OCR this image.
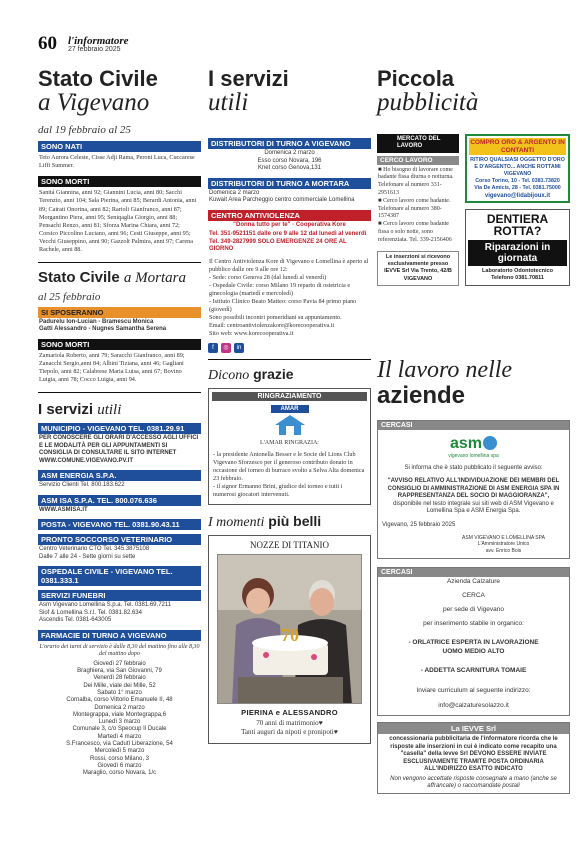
60 l'informatore
27 febbraio 2025
Stato Civile
a Vigevano
dal 19 febbraio al 25
SONO NATI
Teto Aurora Celeste, Cisse Adji Rama, Peroni Luca, Cuccarese Liffi Summer.
SONO MORTI
Sanitá Giannina, anni 92; Giannini Lucia, anni 80; Sacchi Terenzio, anni 104; Sala Pierina, anni 85; Berardi Antonia, anni 89; Cairati Onorina, anni 82; Rarioli Gianfranco, anni 87; Morgantino Piera, anni 95; Seniqaglia Giorgio, anni 88; Pensachi Renzo, anni 81; Sforza Marina Chiara, anni 72; Corsico Piccolino Luciano, anni 96; Cesti Giuseppe, anni 95; Vecchi Giuseppino, anni 90; Gazzolt Palmira, anni 97; Carena Rachele, anni 88.
Stato Civile a Mortara
al 25 febbraio
SI SPOSERANNO
Padurelu Ion-Lucian - Bramescu Monica
Gatti Alessandro - Nugnes Samantha Serena
SONO MORTI
Zamariola Roberto, anni 79; Saracchi Gianfranco, anni 89; Zanacchi Sergio,anni 84; Albini Tiziana, anni 46; Gagliani Tiepolo, anni 82; Calabrese Maria Luisa, anni 67; Bovino Luigia, anni 78; Cocco Luigia, anni 94.
I servizi utili
MUNICIPIO - VIGEVANO TEL. 0381.29.91
PER CONOSCERE GLI ORARI D'ACCESSO AGLI UFFICI E LE MODALITÀ PER GLI APPUNTAMENTI SI CONSIGLIA DI CONSULTARE IL SITO INTERNET WWW.COMUNE.VIGEVANO.PV.IT
ASM ENERGIA S.P.A.
Servizio Clienti Tel. 800.183.622
ASM ISA S.P.A. TEL. 800.076.636
WWW.ASMISA.IT
POSTA - VIGEVANO TEL. 0381.90.43.11
PRONTO SOCCORSO VETERINARIO
Centro Veterinario CTO Tel. 345.3875108
Dalle 7 alle 24 - Sette giorni su sette
OSPEDALE CIVILE - VIGEVANO TEL. 0381.333.1
SERVIZI FUNEBRI
Asm Vigevano Lomellina S.p.a. Tel. 0381.69.7211
Siof & Lomellina S.r.l. Tel. 0381.82.634
Ascendis Tel. 0381-643005
FARMACIE DI TURNO A VIGEVANO
L'orario dei turni di servizio è dalle 8,30 del mattino fino alle 8,30 del mattino dopo
Giovedì 27 febbraio
Braghiera, via San Giovanni, 79
Venerdì 28 febbraio
Dei Mille, viale dei Mille, 52
Sabato 1° marzo
Cornalba, corso Vittorio Emanuele II, 48
Domenica 2 marzo
Montegrappa, viale Montegrappa,6
Lunedì 3 marzo
Comunale 3, c/o Speocup Il Ducale
Martedì 4 marzo
S.Francesco, via Cadutì Liberazione, 54
Mercoledì 5 marzo
Rossi, corso Milano, 3
Giovedì 6 marzo
Maraglio, corso Novara, 1/c
I servizi
utili
DISTRIBUTORI DI TURNO A VIGEVANO
Domenica 2 marzo
Esso corso Novara, 196
Knet corso Genova,131
DISTRIBUTORI DI TURNO A MORTARA
Domenica 2 marzo
Kuwait Area Parcheggio centro commerciale Lomellina
CENTRO ANTIVIOLENZA
"Donna tutto per te" · Cooperativa Kore
Tel. 351-9521151 dalle ore 9 alle 12 dal lunedì al venerdì
Tel. 349-2827999 SOLO EMERGENZE 24 ORE AL GIORNO
Il Centro Antiviolenza Kore di Vigevano e Lomellina è aperto al pubblico dalle ore 9 alle ore 12:
- Sede: corso Genova 28 (dal lunedì al venerdì)
- Ospedale Civile: corso Milano 19 reparto di ostetricia e ginecologia (martedì e mercoledì)
- Istituto Clinico Beato Matteo: corso Pavia 84 primo piano (giovedì)
Sono possibili incontri pomeridiani su appuntamento.
Email: centroantiviolenzakore@korecooperativa.it
Sito web: www.korecooperativa.it
f	◎	in
Dicono grazie
RINGRAZIAMENTO
AMAR
L'AMAR RINGRAZIA:
- la presidente Antonella Besser e le Socie del Lions Club Vigevano Sforzesco per il generoso contributo donato in occasione del torneo di burraco svolto a Selva Alta domenica 23 febbraio.
- il signor Ermanno Brini, giudice del torneo e tutti i numerosi giocatori intervenuti.
I momenti più belli
NOZZE DI TITANIO
70
PIERINA e ALESSANDRO
70 anni di matrimonio♥
Tanti auguri da nipoti e pronipoti♥
Piccola
pubblicità
MERCATO DEL LAVORO
CERCO LAVORO
■ Ho bisogno di lavorare come badante fissa diurna o notturna. Telefonare al numero 331-2951613
■ Cerco lavoro come badante. Telefonare al numero 380-1574387
■ Cerco lavoro come badante fissa o solo notte, sono referenziata. Tel. 339-2156406
Le inserzioni si ricevono esclusivamente presso IEVVE Srl Via Trento, 42/B VIGEVANO
COMPRO ORO & ARGENTO IN CONTANTI
RITIRO QUALSIASI OGGETTO D'ORO E D'ARGENTO... ANCHE ROTTAMI
VIGEVANO
Corso Torino, 10 - Tel. 0381.73820
Via De Amicis, 28 - Tel. 0381.75000
vigevano@lidabijoux.it
DENTIERA ROTTA?
Riparazioni in giornata
Laboratorio Odontotecnico
Telefono 0381.70811
Il lavoro nelle aziende
CERCASI
asm
vigevano lomellina spa
Si informa che è stato pubblicato il seguente avviso:
"AVVISO RELATIVO ALL'INDIVIDUAZIONE DEI MEMBRI DEL CONSIGLIO DI AMMINISTRAZIONE DI ASM ENERGIA SPA IN RAPPRESENTANZA DEL SOCIO DI MAGGIORANZA",
disponibile nel testo integrale sui siti web di ASM Vigevano e Lomellina Spa e ASM Energia Spa.
Vigevano, 25 febbraio 2025
ASM VIGEVANO E LOMELLINA SPA
L'Amministratore Unico
avv. Enrico Bois
CERCASI
Azienda Calzature
CERCA
per sede di Vigevano
per inserimento stabile in organico:
- ORLATRICE ESPERTA IN LAVORAZIONE UOMO MEDIO ALTO
- ADDETTA SCARNITURA TOMAIE
Inviare curriculum al seguente indirizzo:
info@calzaturesolazzo.it
La IEVVE Srl
concessionaria pubblicitaria de l'informatore ricorda che le risposte alle inserzioni in cui è indicato come recapito una "casella" della Ievve Srl DEVONO ESSERE INVIATE ESCLUSIVAMENTE TRAMITE POSTA ORDINARIA ALL'INDIRIZZO ESATTO INDICATO
Non vengono accettate risposte consegnate a mano (anche se affrancate) o raccomandate postali
